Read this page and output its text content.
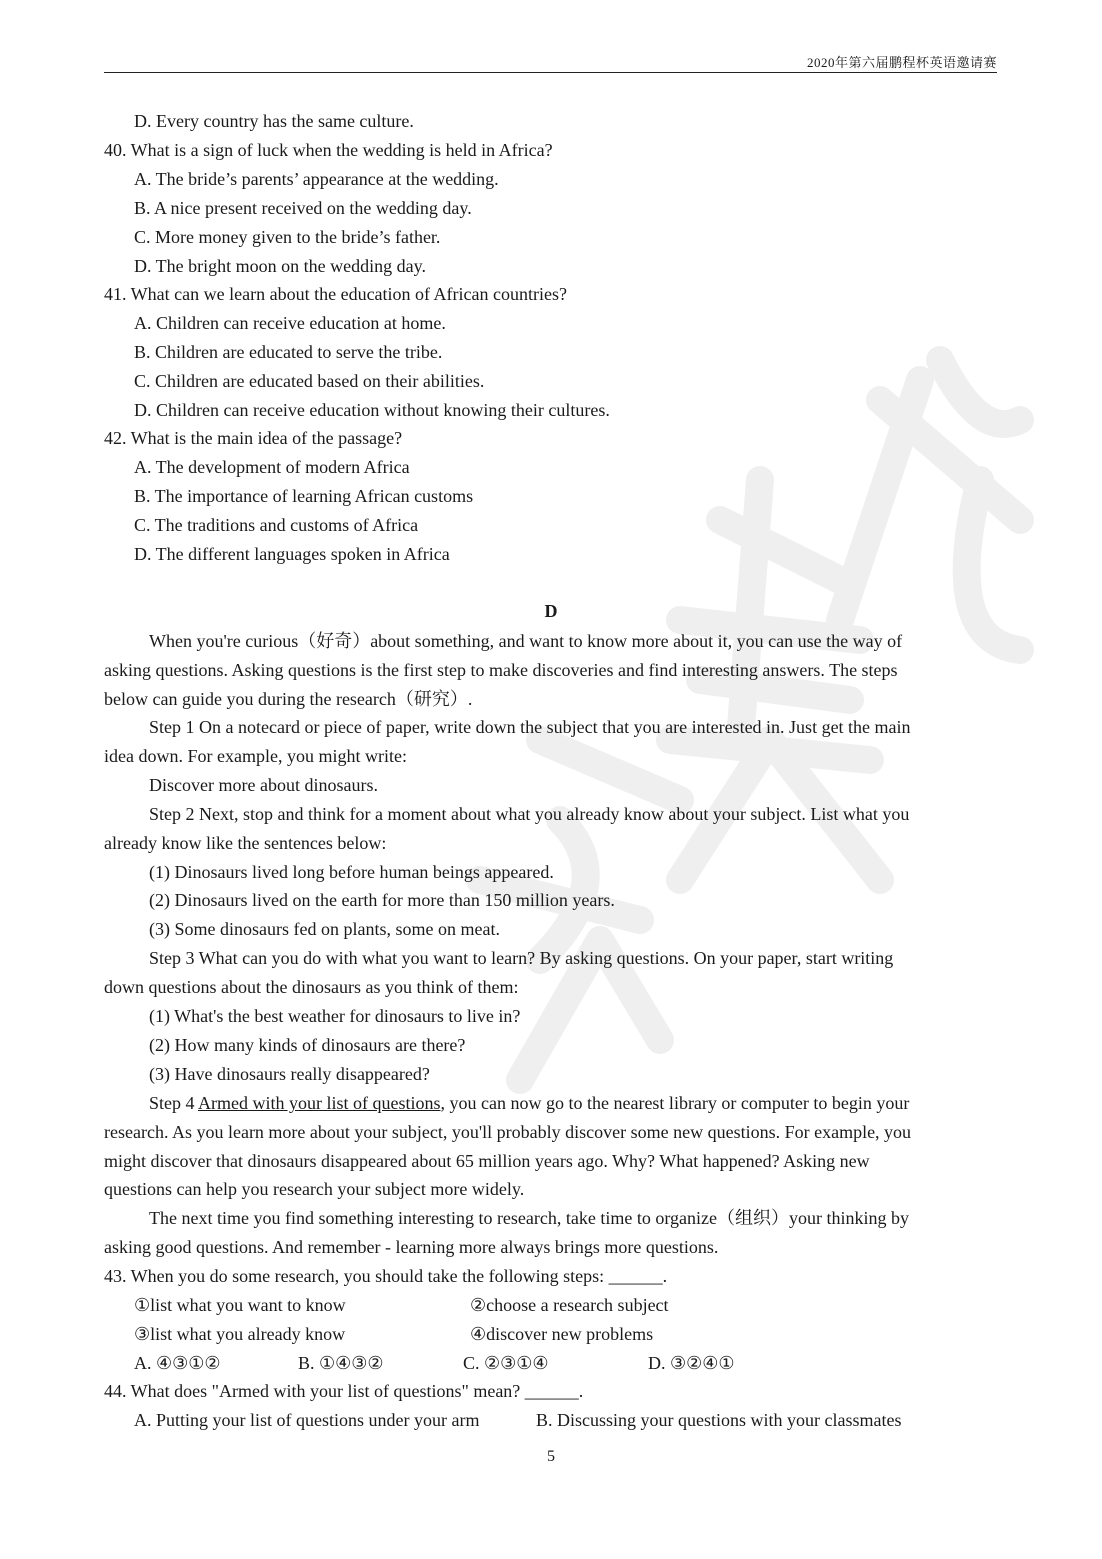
2020年第六届鹏程杯英语邀请赛
D. Every country has the same culture.
40. What is a sign of luck when the wedding is held in Africa?
A. The bride’s parents’ appearance at the wedding.
B. A nice present received on the wedding day.
C. More money given to the bride’s father.
D. The bright moon on the wedding day.
41. What can we learn about the education of African countries?
A. Children can receive education at home.
B. Children are educated to serve the tribe.
C. Children are educated based on their abilities.
D. Children can receive education without knowing their cultures.
42. What is the main idea of the passage?
A. The development of modern Africa
B. The importance of learning African customs
C. The traditions and customs of Africa
D. The different languages spoken in Africa
D
When you're curious（好奇）about something, and want to know more about it, you can use the way of
asking questions. Asking questions is the first step to make discoveries and find interesting answers. The steps
below can guide you during the research（研究）.
Step 1 On a notecard or piece of paper, write down the subject that you are interested in. Just get the main
idea down. For example, you might write:
Discover more about dinosaurs.
Step 2 Next, stop and think for a moment about what you already know about your subject. List what you
already know like the sentences below:
(1) Dinosaurs lived long before human beings appeared.
(2) Dinosaurs lived on the earth for more than 150 million years.
(3) Some dinosaurs fed on plants, some on meat.
Step 3 What can you do with what you want to learn? By asking questions. On your paper, start writing
down questions about the dinosaurs as you think of them:
(1) What's the best weather for dinosaurs to live in?
(2) How many kinds of dinosaurs are there?
(3) Have dinosaurs really disappeared?
Step 4 Armed with your list of questions, you can now go to the nearest library or computer to begin your
research. As you learn more about your subject, you'll probably discover some new questions. For example, you
might discover that dinosaurs disappeared about 65 million years ago. Why? What happened? Asking new
questions can help you research your subject more widely.
The next time you find something interesting to research, take time to organize（组织）your thinking by
asking good questions. And remember - learning more always brings more questions.
43. When you do some research, you should take the following steps: ______.
①list what you want to know	②choose a research subject
③list what you already know	④discover new problems
A. ④③①②	B. ①④③②	C. ②③①④	D. ③②④①
44. What does "Armed with your list of questions" mean? ______.
A. Putting your list of questions under your arm	B. Discussing your questions with your classmates
5
